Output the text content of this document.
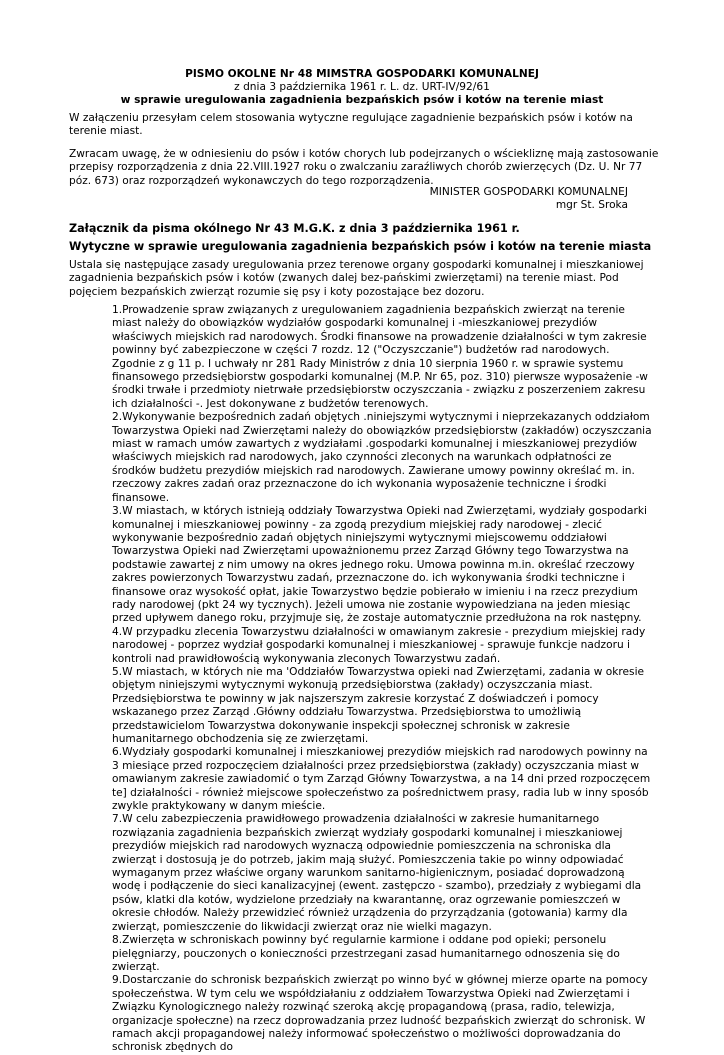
PISMO OKOLNE Nr 48 MIMSTRA GOSPODARKI KOMUNALNEJ
z dnia 3 października 1961 r. L. dz. URT-IV/92/61
w sprawie uregulowania zagadnienia bezpańskich psów i kotów na terenie miast
W załączeniu przesyłam celem stosowania wytyczne regulujące zagadnienie bezpańskich psów i kotów na terenie miast.
Zwracam uwagę, że w odniesieniu do psów i kotów chorych lub podejrzanych o wściekliznę mają zastosowanie przepisy rozporządzenia z dnia 22.VIII.1927 roku o zwalczaniu zaraźliwych chorób zwierzęcych (Dz. U. Nr 77 póz. 673) oraz rozporządzeń wykonawczych do tego rozporządzenia.
MINISTER GOSPODARKI KOMUNALNEJ
mgr St. Sroka
Załącznik da pisma okólnego Nr 43 M.G.K. z dnia 3 października 1961 r.
Wytyczne w sprawie uregulowania zagadnienia bezpańskich psów i kotów na terenie miasta
Ustala się następujące zasady uregulowania przez terenowe organy gospodarki komunalnej i mieszkaniowej zagadnienia bezpańskich psów i kotów (zwanych dalej bez-pańskimi zwierzętami) na terenie miast. Pod pojęciem bezpańskich zwierząt rozumie się psy i koty pozostające bez dozoru.

1.Prowadzenie spraw związanych z uregulowaniem zagadnienia bezpańskich zwierząt na terenie miast należy do obowiązków wydziałów gospodarki komunalnej i -mieszkaniowej prezydiów właściwych miejskich rad narodowych. Środki finansowe na prowadzenie działalności w tym zakresie powinny być zabezpieczone w części 7 rozdz. 12 ("Oczyszczanie") budżetów rad narodowych. Zgodnie z g 11 p. I uchwały nr 281 Rady Ministrów z dnia 10 sierpnia 1960 r. w sprawie systemu finansowego przedsiębiorstw gospodarki komunalnej (M.P. Nr 65, poz. 310) pierwsze wyposażenie -w środki trwałe i przedmioty nietrwałe przedsiębiorstw oczyszczania - związku z poszerzeniem zakresu ich działalności -. Jest dokonywane z budżetów terenowych.

2.Wykonywanie bezpośrednich zadań objętych .niniejszymi wytycznymi i nieprzekazanych oddziałom Towarzystwa Opieki nad Zwierzętami należy do obowiązków przedsiębiorstw (zakładów) oczyszczania miast w ramach umów zawartych z wydziałami .gospodarki komunalnej i mieszkaniowej prezydiów właściwych miejskich rad narodowych, jako czynności zleconych na warunkach odpłatności ze środków budżetu prezydiów miejskich rad narodowych. Zawierane umowy powinny określać m. in. rzeczowy zakres zadań oraz przeznaczone do ich wykonania wyposażenie techniczne i środki finansowe.

3.W miastach, w których istnieją oddziały Towarzystwa Opieki nad Zwierzętami, wydziały gospodarki komunalnej i mieszkaniowej powinny - za zgodą prezydium miejskiej rady narodowej - zlecić wykonywanie bezpośrednio zadań objętych niniejszymi wytycznymi miejscowemu oddziałowi Towarzystwa Opieki nad Zwierzętami upoważnionemu przez Zarząd Główny tego Towarzystwa na podstawie zawartej z nim umowy na okres jednego roku. Umowa powinna m.in. określać rzeczowy zakres powierzonych Towarzystwu zadań, przeznaczone do. ich wykonywania środki techniczne i finansowe oraz wysokość opłat, jakie Towarzystwo będzie pobierało w imieniu i na rzecz prezydium rady narodowej (pkt 24 wy tycznych). Jeżeli umowa nie zostanie wypowiedziana na jeden miesiąc przed upływem danego roku, przyjmuje się, że zostaje automatycznie przedłużona na rok następny.

4.W przypadku zlecenia Towarzystwu działalności w omawianym zakresie - prezydium miejskiej rady narodowej - poprzez wydział gospodarki komunalnej i mieszkaniowej - sprawuje funkcje nadzoru i kontroli nad prawidłowością wykonywania zleconych Towarzystwu zadań.

5.W miastach, w których nie ma 'Oddziałów Towarzystwa opieki nad Zwierzętami, zadania w okresie objętym niniejszymi wytycznymi wykonują przedsiębiorstwa (zakłady) oczyszczania miast. Przedsiębiorstwa te powinny w jak najszerszym zakresie korzystać Z doświadczeń i pomocy wskazanego przez Zarząd .Główny oddziału Towarzystwa. Przedsiębiorstwa to umożliwią przedstawicielom Towarzystwa dokonywanie inspekcji społecznej schronisk w zakresie humanitarnego obchodzenia się ze zwierzętami.

6.Wydziały gospodarki komunalnej i mieszkaniowej prezydiów miejskich rad narodowych powinny na 3 miesiące przed rozpoczęciem działalności przez przedsiębiorstwa (zakłady) oczyszczania miast w omawianym zakresie zawiadomić o tym Zarząd Główny Towarzystwa, a na 14 dni przed rozpoczęcem te] działalności - również miejscowe społeczeństwo za pośrednictwem prasy, radia lub w inny sposób zwykle praktykowany w danym mieście.

7.W celu zabezpieczenia prawidłowego prowadzenia działalności w zakresie humanitarnego rozwiązania zagadnienia bezpańskich zwierząt wydziały gospodarki komunalnej i mieszkaniowej prezydiów miejskich rad narodowych wyznaczą odpowiednie pomieszczenia na schroniska dla zwierząt i dostosują je do potrzeb, jakim mają służyć. Pomieszczenia takie po winny odpowiadać wymaganym przez właściwe organy warunkom sanitarno-higienicznym, posiadać doprowadzoną wodę i podłączenie do sieci kanalizacyjnej (ewent. zastępczo - szambo), przedziały z wybiegami dla psów, klatki dla kotów, wydzielone przedziały na kwarantannę, oraz ogrzewanie pomieszczeń w okresie chłodów. Należy przewidzieć również urządzenia do przyrządzania (gotowania) karmy dla zwierząt, pomieszczenie do likwidacji zwierząt oraz nie wielki magazyn.

8.Zwierzęta w schroniskach powinny być regularnie karmione i oddane pod opieki; personelu pielęgniarzy, pouczonych o konieczności przestrzegani zasad humanitarnego odnoszenia się do zwierząt.

9.Dostarczanie do schronisk bezpańskich zwierząt po winno być w głównej mierze oparte na pomocy społeczeństwa. W tym celu we współdziałaniu z oddziałem Towarzystwa Opieki nad Zwierzętami i Związku Kynologicznego należy rozwinąć szeroką akcję propagandową (prasa, radio, telewizja, organizacje społeczne) na rzecz doprowadzania przez ludność bezpańskich zwierząt do schronisk. W ramach akcji propagandowej należy informować społeczeństwo o możliwości doprowadzania do schronisk zbędnych do
